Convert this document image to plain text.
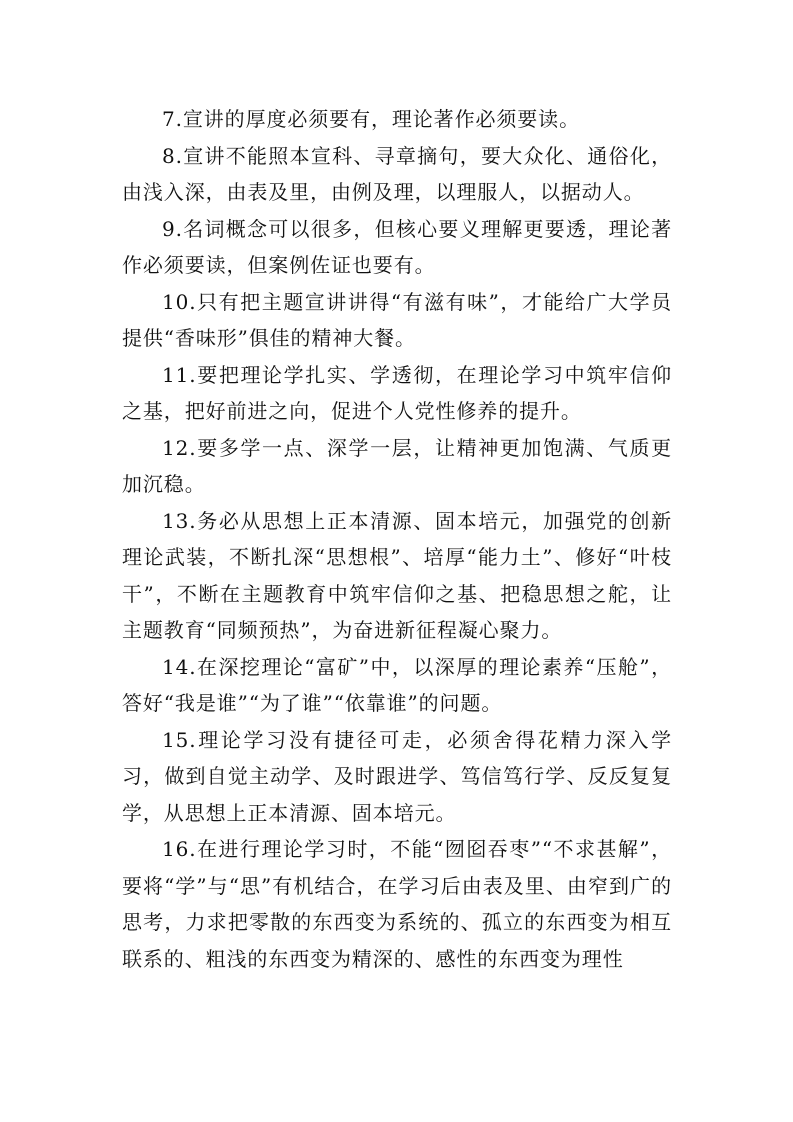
7.宣讲的厚度必须要有，理论著作必须要读。

8.宣讲不能照本宣科、寻章摘句，要大众化、通俗化，由浅入深，由表及里，由例及理，以理服人，以据动人。

9.名词概念可以很多，但核心要义理解更要透，理论著作必须要读，但案例佐证也要有。

10.只有把主题宣讲讲得“有滋有味”，才能给广大学员提供“香味形”俱佳的精神大餐。

11.要把理论学扎实、学透彻，在理论学习中筑牢信仰之基，把好前进之向，促进个人党性修养的提升。

12.要多学一点、深学一层，让精神更加饱满、气质更加沉稳。

13.务必从思想上正本清源、固本培元，加强党的创新理论武装，不断扎深“思想根”、培厚“能力土”、修好“叶枝干”，不断在主题教育中筑牢信仰之基、把稳思想之舵，让主题教育“同频预热”，为奋进新征程凝心聚力。

14.在深挖理论“富矿”中，以深厚的理论素养“压舱”，答好“我是谁”“为了谁”“依靠谁”的问题。

15.理论学习没有捷径可走，必须舍得花精力深入学习，做到自觉主动学、及时跟进学、笃信笃行学、反反复复学，从思想上正本清源、固本培元。

16.在进行理论学习时，不能“囫囵吞枣”“不求甚解”，要将“学”与“思”有机结合，在学习后由表及里、由窄到广的思考，力求把零散的东西变为系统的、孤立的东西变为相互联系的、粗浅的东西变为精深的、感性的东西变为理性
